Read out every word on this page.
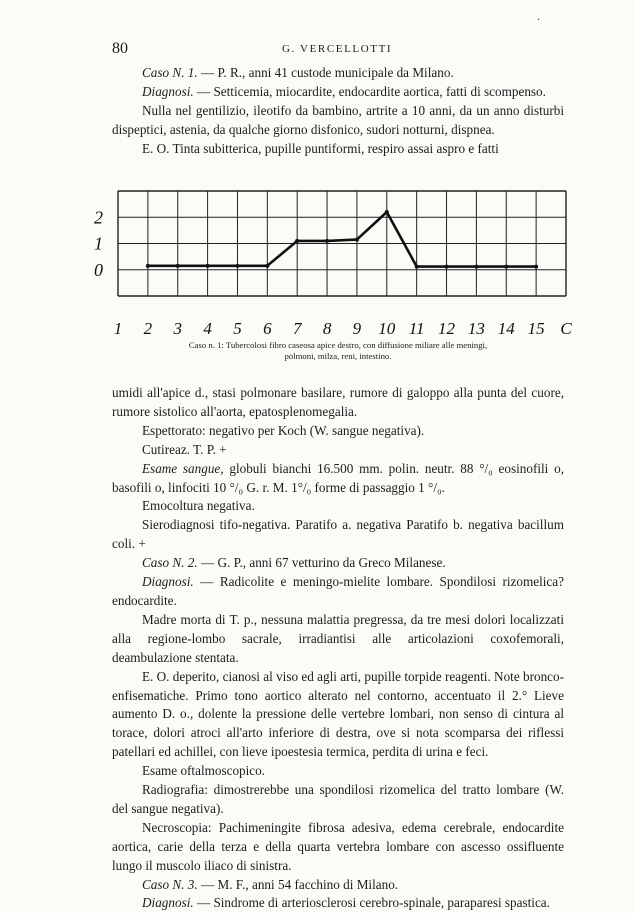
·
80	G. VERCELLOTTI

Caso N. 1. — P. R., anni 41 custode municipale da Milano.

Diagnosi. — Setticemia, miocardite, endocardite aortica, fatti di scompenso.

Nulla nel gentilizio, ileotifo da bambino, artrite a 10 anni, da un anno disturbi dispeptici, astenia, da qualche giorno disfonico, sudori notturni, dispnea.

E. O. Tinta subitterica, pupille puntiformi, respiro assai aspro e fatti

0
1
2
1 2 3 4 5 6 7 8 9 10 11 12 13 14 15 C
Caso n. 1: Tubercolosi fibro caseosa apice destro, con diffusione miliare alle meningi,
polmoni, milza, reni, intestino.

umidi all'apice d., stasi polmonare basilare, rumore di galoppo alla punta del cuore, rumore sistolico all'aorta, epatosplenomegalia.

Espettorato: negativo per Koch (W. sangue negativa).

Cutireaz. T. P. +

Esame sangue, globuli bianchi 16.500 mm. polin. neutr. 88 °/₀ eosinofili o, basofili o, linfociti 10 °/₀ G. r. M. 1°/₀ forme di passaggio 1 °/₀.

Emocoltura negativa.

Sierodiagnosi tifo-negativa. Paratifo a. negativa Paratifo b. negativa bacillum coli. +

Caso N. 2. — G. P., anni 67 vetturino da Greco Milanese.

Diagnosi. — Radicolite e meningo-mielite lombare. Spondilosi rizomelica? endocardite.

Madre morta di T. p., nessuna malattia pregressa, da tre mesi dolori localizzati alla regione-lombo sacrale, irradiantisi alle articolazioni coxofemorali, deambulazione stentata.

E. O. deperito, cianosi al viso ed agli arti, pupille torpide reagenti. Note bronco-enfisematiche. Primo tono aortico alterato nel contorno, accentuato il 2.° Lieve aumento D. o., dolente la pressione delle vertebre lombari, non senso di cintura al torace, dolori atroci all'arto inferiore di destra, ove si nota scomparsa dei riflessi patellari ed achillei, con lieve ipoestesia termica, perdita di urina e feci.

Esame oftalmoscopico.

Radiografia: dimostrerebbe una spondilosi rizomelica del tratto lombare (W. del sangue negativa).

Necroscopia: Pachimeningite fibrosa adesiva, edema cerebrale, endocardite aortica, carie della terza e della quarta vertebra lombare con ascesso ossifluente lungo il muscolo iliaco di sinistra.

Caso N. 3. — M. F., anni 54 facchino di Milano.

Diagnosi. — Sindrome di arteriosclerosi cerebro-spinale, paraparesi spastica.
